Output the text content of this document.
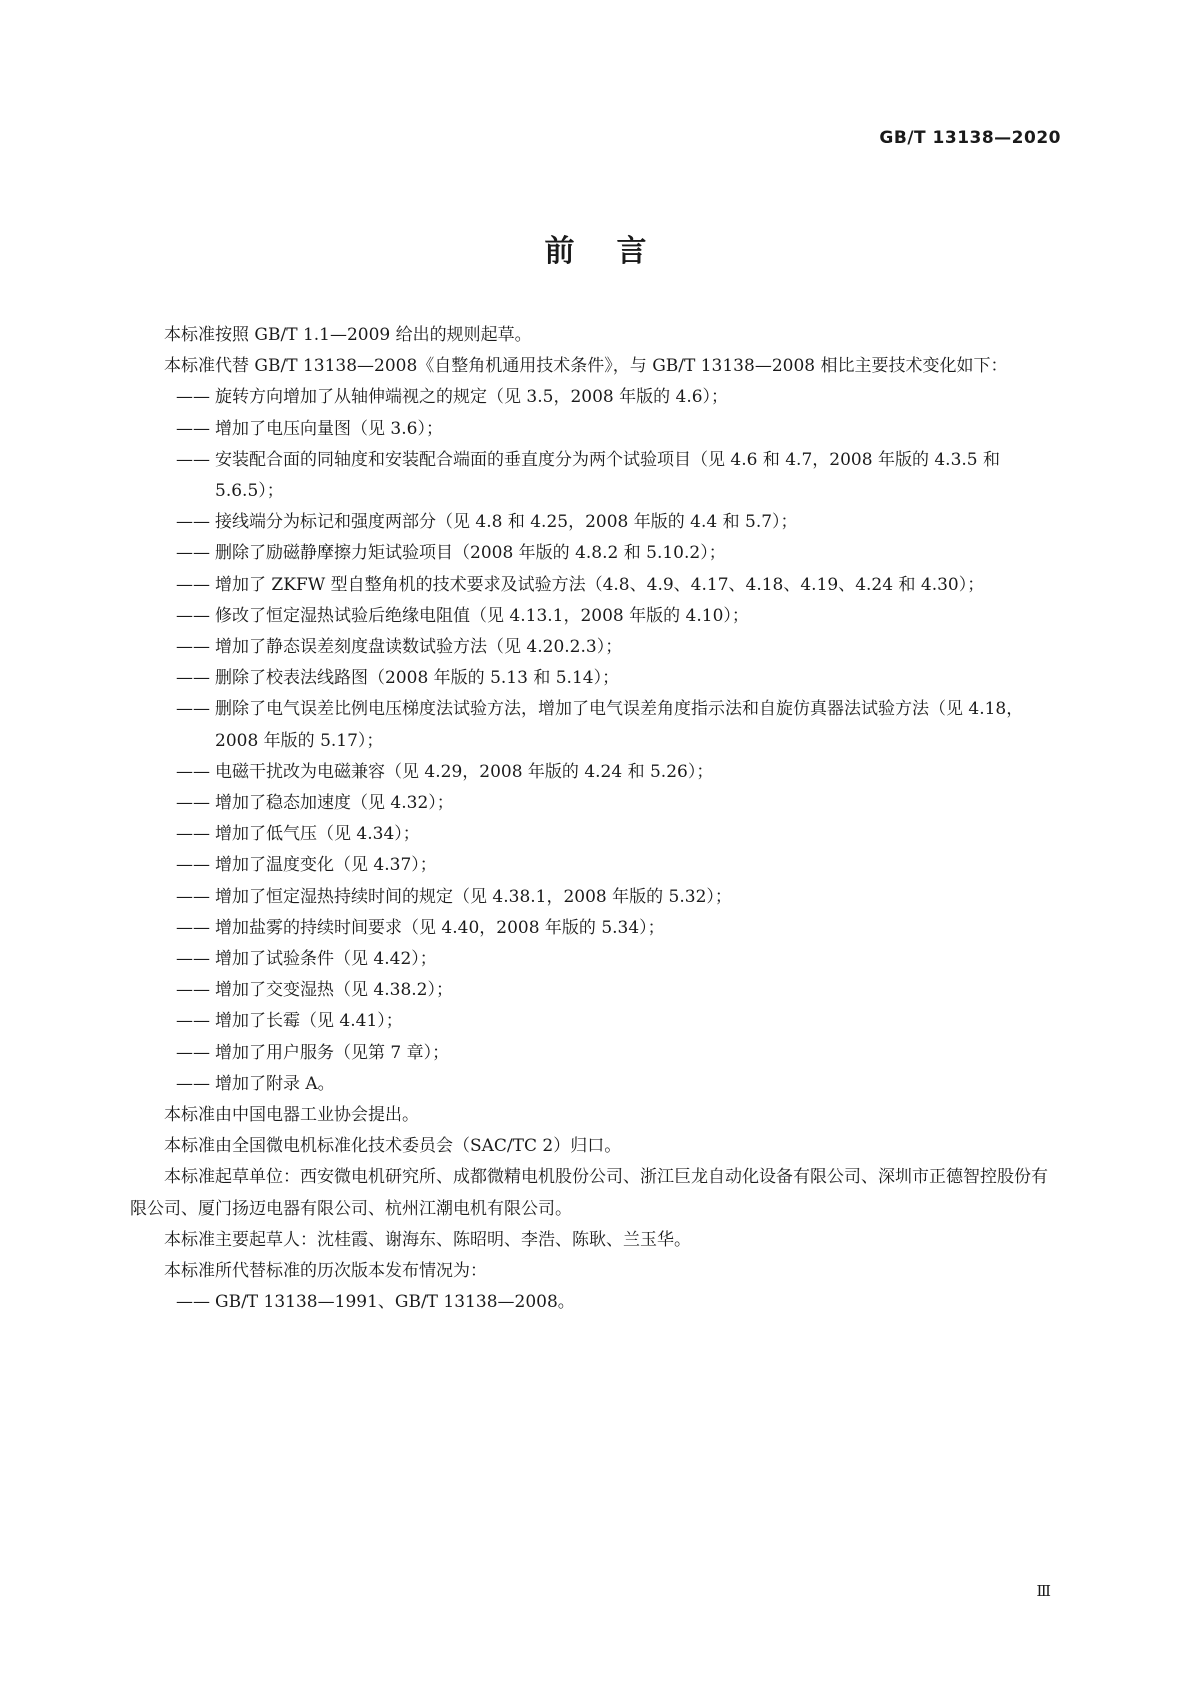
GB/T 13138—2020
前言

本标准按照 GB/T 1.1—2009 给出的规则起草。

本标准代替 GB/T 13138—2008《自整角机通用技术条件》，与 GB/T 13138—2008 相比主要技术变化如下：

—— 旋转方向增加了从轴伸端视之的规定（见 3.5，2008 年版的 4.6）；

—— 增加了电压向量图（见 3.6）；

—— 安装配合面的同轴度和安装配合端面的垂直度分为两个试验项目（见 4.6 和 4.7，2008 年版的 4.3.5 和 5.6.5）；

—— 接线端分为标记和强度两部分（见 4.8 和 4.25，2008 年版的 4.4 和 5.7）；

—— 删除了励磁静摩擦力矩试验项目（2008 年版的 4.8.2 和 5.10.2）；

—— 增加了 ZKFW 型自整角机的技术要求及试验方法（4.8、4.9、4.17、4.18、4.19、4.24 和 4.30）；

—— 修改了恒定湿热试验后绝缘电阻值（见 4.13.1，2008 年版的 4.10）；

—— 增加了静态误差刻度盘读数试验方法（见 4.20.2.3）；

—— 删除了校表法线路图（2008 年版的 5.13 和 5.14）；

—— 删除了电气误差比例电压梯度法试验方法，增加了电气误差角度指示法和自旋仿真器法试验方法（见 4.18，2008 年版的 5.17）；

—— 电磁干扰改为电磁兼容（见 4.29，2008 年版的 4.24 和 5.26）；

—— 增加了稳态加速度（见 4.32）；

—— 增加了低气压（见 4.34）；

—— 增加了温度变化（见 4.37）；

—— 增加了恒定湿热持续时间的规定（见 4.38.1，2008 年版的 5.32）；

—— 增加盐雾的持续时间要求（见 4.40，2008 年版的 5.34）；

—— 增加了试验条件（见 4.42）；

—— 增加了交变湿热（见 4.38.2）；

—— 增加了长霉（见 4.41）；

—— 增加了用户服务（见第 7 章）；

—— 增加了附录 A。

本标准由中国电器工业协会提出。

本标准由全国微电机标准化技术委员会（SAC/TC 2）归口。

本标准起草单位：西安微电机研究所、成都微精电机股份公司、浙江巨龙自动化设备有限公司、深圳市正德智控股份有限公司、厦门扬迈电器有限公司、杭州江潮电机有限公司。

本标准主要起草人：沈桂霞、谢海东、陈昭明、李浩、陈耿、兰玉华。

本标准所代替标准的历次版本发布情况为：

—— GB/T 13138—1991、GB/T 13138—2008。

Ⅲ
